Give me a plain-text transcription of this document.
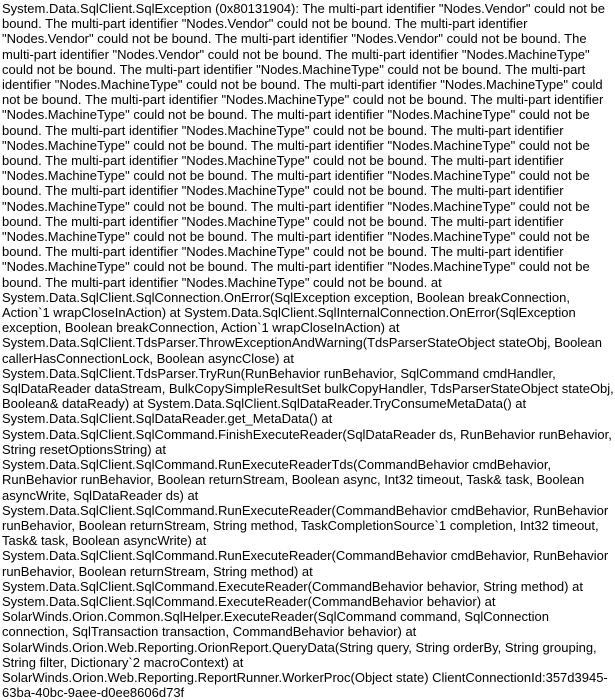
System.Data.SqlClient.SqlException (0x80131904): The multi-part identifier "Nodes.Vendor" could not be bound. The multi-part identifier "Nodes.Vendor" could not be bound. The multi-part identifier "Nodes.Vendor" could not be bound. The multi-part identifier "Nodes.Vendor" could not be bound. The multi-part identifier "Nodes.Vendor" could not be bound. The multi-part identifier "Nodes.MachineType" could not be bound. The multi-part identifier "Nodes.MachineType" could not be bound. The multi-part identifier "Nodes.MachineType" could not be bound. The multi-part identifier "Nodes.MachineType" could not be bound. The multi-part identifier "Nodes.MachineType" could not be bound. The multi-part identifier "Nodes.MachineType" could not be bound. The multi-part identifier "Nodes.MachineType" could not be bound. The multi-part identifier "Nodes.MachineType" could not be bound. The multi-part identifier "Nodes.MachineType" could not be bound. The multi-part identifier "Nodes.MachineType" could not be bound. The multi-part identifier "Nodes.MachineType" could not be bound. The multi-part identifier "Nodes.MachineType" could not be bound. The multi-part identifier "Nodes.MachineType" could not be bound. The multi-part identifier "Nodes.MachineType" could not be bound. The multi-part identifier "Nodes.MachineType" could not be bound. The multi-part identifier "Nodes.MachineType" could not be bound. The multi-part identifier "Nodes.MachineType" could not be bound. The multi-part identifier "Nodes.MachineType" could not be bound. The multi-part identifier "Nodes.MachineType" could not be bound. The multi-part identifier "Nodes.MachineType" could not be bound. The multi-part identifier "Nodes.MachineType" could not be bound. The multi-part identifier "Nodes.MachineType" could not be bound. The multi-part identifier "Nodes.MachineType" could not be bound. at System.Data.SqlClient.SqlConnection.OnError(SqlException exception, Boolean breakConnection, Action`1 wrapCloseInAction) at System.Data.SqlClient.SqlInternalConnection.OnError(SqlException exception, Boolean breakConnection, Action`1 wrapCloseInAction) at System.Data.SqlClient.TdsParser.ThrowExceptionAndWarning(TdsParserStateObject stateObj, Boolean callerHasConnectionLock, Boolean asyncClose) at System.Data.SqlClient.TdsParser.TryRun(RunBehavior runBehavior, SqlCommand cmdHandler, SqlDataReader dataStream, BulkCopySimpleResultSet bulkCopyHandler, TdsParserStateObject stateObj, Boolean& dataReady) at System.Data.SqlClient.SqlDataReader.TryConsumeMetaData() at System.Data.SqlClient.SqlDataReader.get_MetaData() at System.Data.SqlClient.SqlCommand.FinishExecuteReader(SqlDataReader ds, RunBehavior runBehavior, String resetOptionsString) at System.Data.SqlClient.SqlCommand.RunExecuteReaderTds(CommandBehavior cmdBehavior, RunBehavior runBehavior, Boolean returnStream, Boolean async, Int32 timeout, Task& task, Boolean asyncWrite, SqlDataReader ds) at System.Data.SqlClient.SqlCommand.RunExecuteReader(CommandBehavior cmdBehavior, RunBehavior runBehavior, Boolean returnStream, String method, TaskCompletionSource`1 completion, Int32 timeout, Task& task, Boolean asyncWrite) at System.Data.SqlClient.SqlCommand.RunExecuteReader(CommandBehavior cmdBehavior, RunBehavior runBehavior, Boolean returnStream, String method) at System.Data.SqlClient.SqlCommand.ExecuteReader(CommandBehavior behavior, String method) at System.Data.SqlClient.SqlCommand.ExecuteReader(CommandBehavior behavior) at SolarWinds.Orion.Common.SqlHelper.ExecuteReader(SqlCommand command, SqlConnection connection, SqlTransaction transaction, CommandBehavior behavior) at SolarWinds.Orion.Web.Reporting.OrionReport.QueryData(String query, String orderBy, String grouping, String filter, Dictionary`2 macroContext) at SolarWinds.Orion.Web.Reporting.ReportRunner.WorkerProc(Object state) ClientConnectionId:357d3945-63ba-40bc-9aee-d0ee8606d73f
